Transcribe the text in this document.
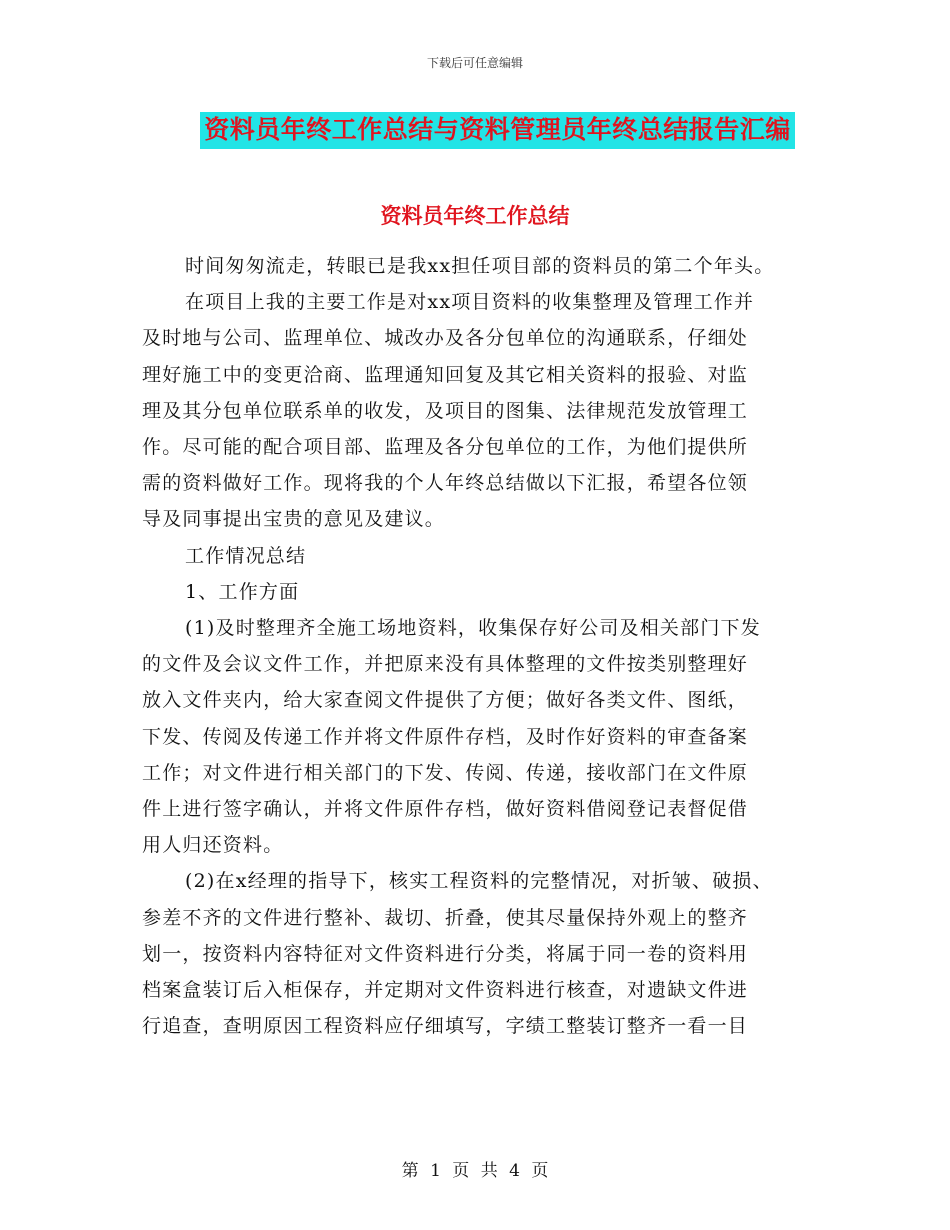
下载后可任意编辑
资料员年终工作总结与资料管理员年终总结报告汇编
资料员年终工作总结
时间匆匆流走，转眼已是我xx担任项目部的资料员的第二个年头。
在项目上我的主要工作是对xx项目资料的收集整理及管理工作并
及时地与公司、监理单位、城改办及各分包单位的沟通联系，仔细处
理好施工中的变更洽商、监理通知回复及其它相关资料的报验、对监
理及其分包单位联系单的收发，及项目的图集、法律规范发放管理工
作。尽可能的配合项目部、监理及各分包单位的工作，为他们提供所
需的资料做好工作。现将我的个人年终总结做以下汇报，希望各位领
导及同事提出宝贵的意见及建议。
工作情况总结
1、工作方面
(1)及时整理齐全施工场地资料，收集保存好公司及相关部门下发
的文件及会议文件工作，并把原来没有具体整理的文件按类别整理好
放入文件夹内，给大家查阅文件提供了方便；做好各类文件、图纸，
下发、传阅及传递工作并将文件原件存档，及时作好资料的审查备案
工作；对文件进行相关部门的下发、传阅、传递，接收部门在文件原
件上进行签字确认，并将文件原件存档，做好资料借阅登记表督促借
用人归还资料。
(2)在x经理的指导下，核实工程资料的完整情况，对折皱、破损、
参差不齐的文件进行整补、裁切、折叠，使其尽量保持外观上的整齐
划一，按资料内容特征对文件资料进行分类，将属于同一卷的资料用
档案盒装订后入柜保存，并定期对文件资料进行核查，对遗缺文件进
行追查，查明原因工程资料应仔细填写，字绩工整装订整齐一看一目
第 1 页 共 4 页
